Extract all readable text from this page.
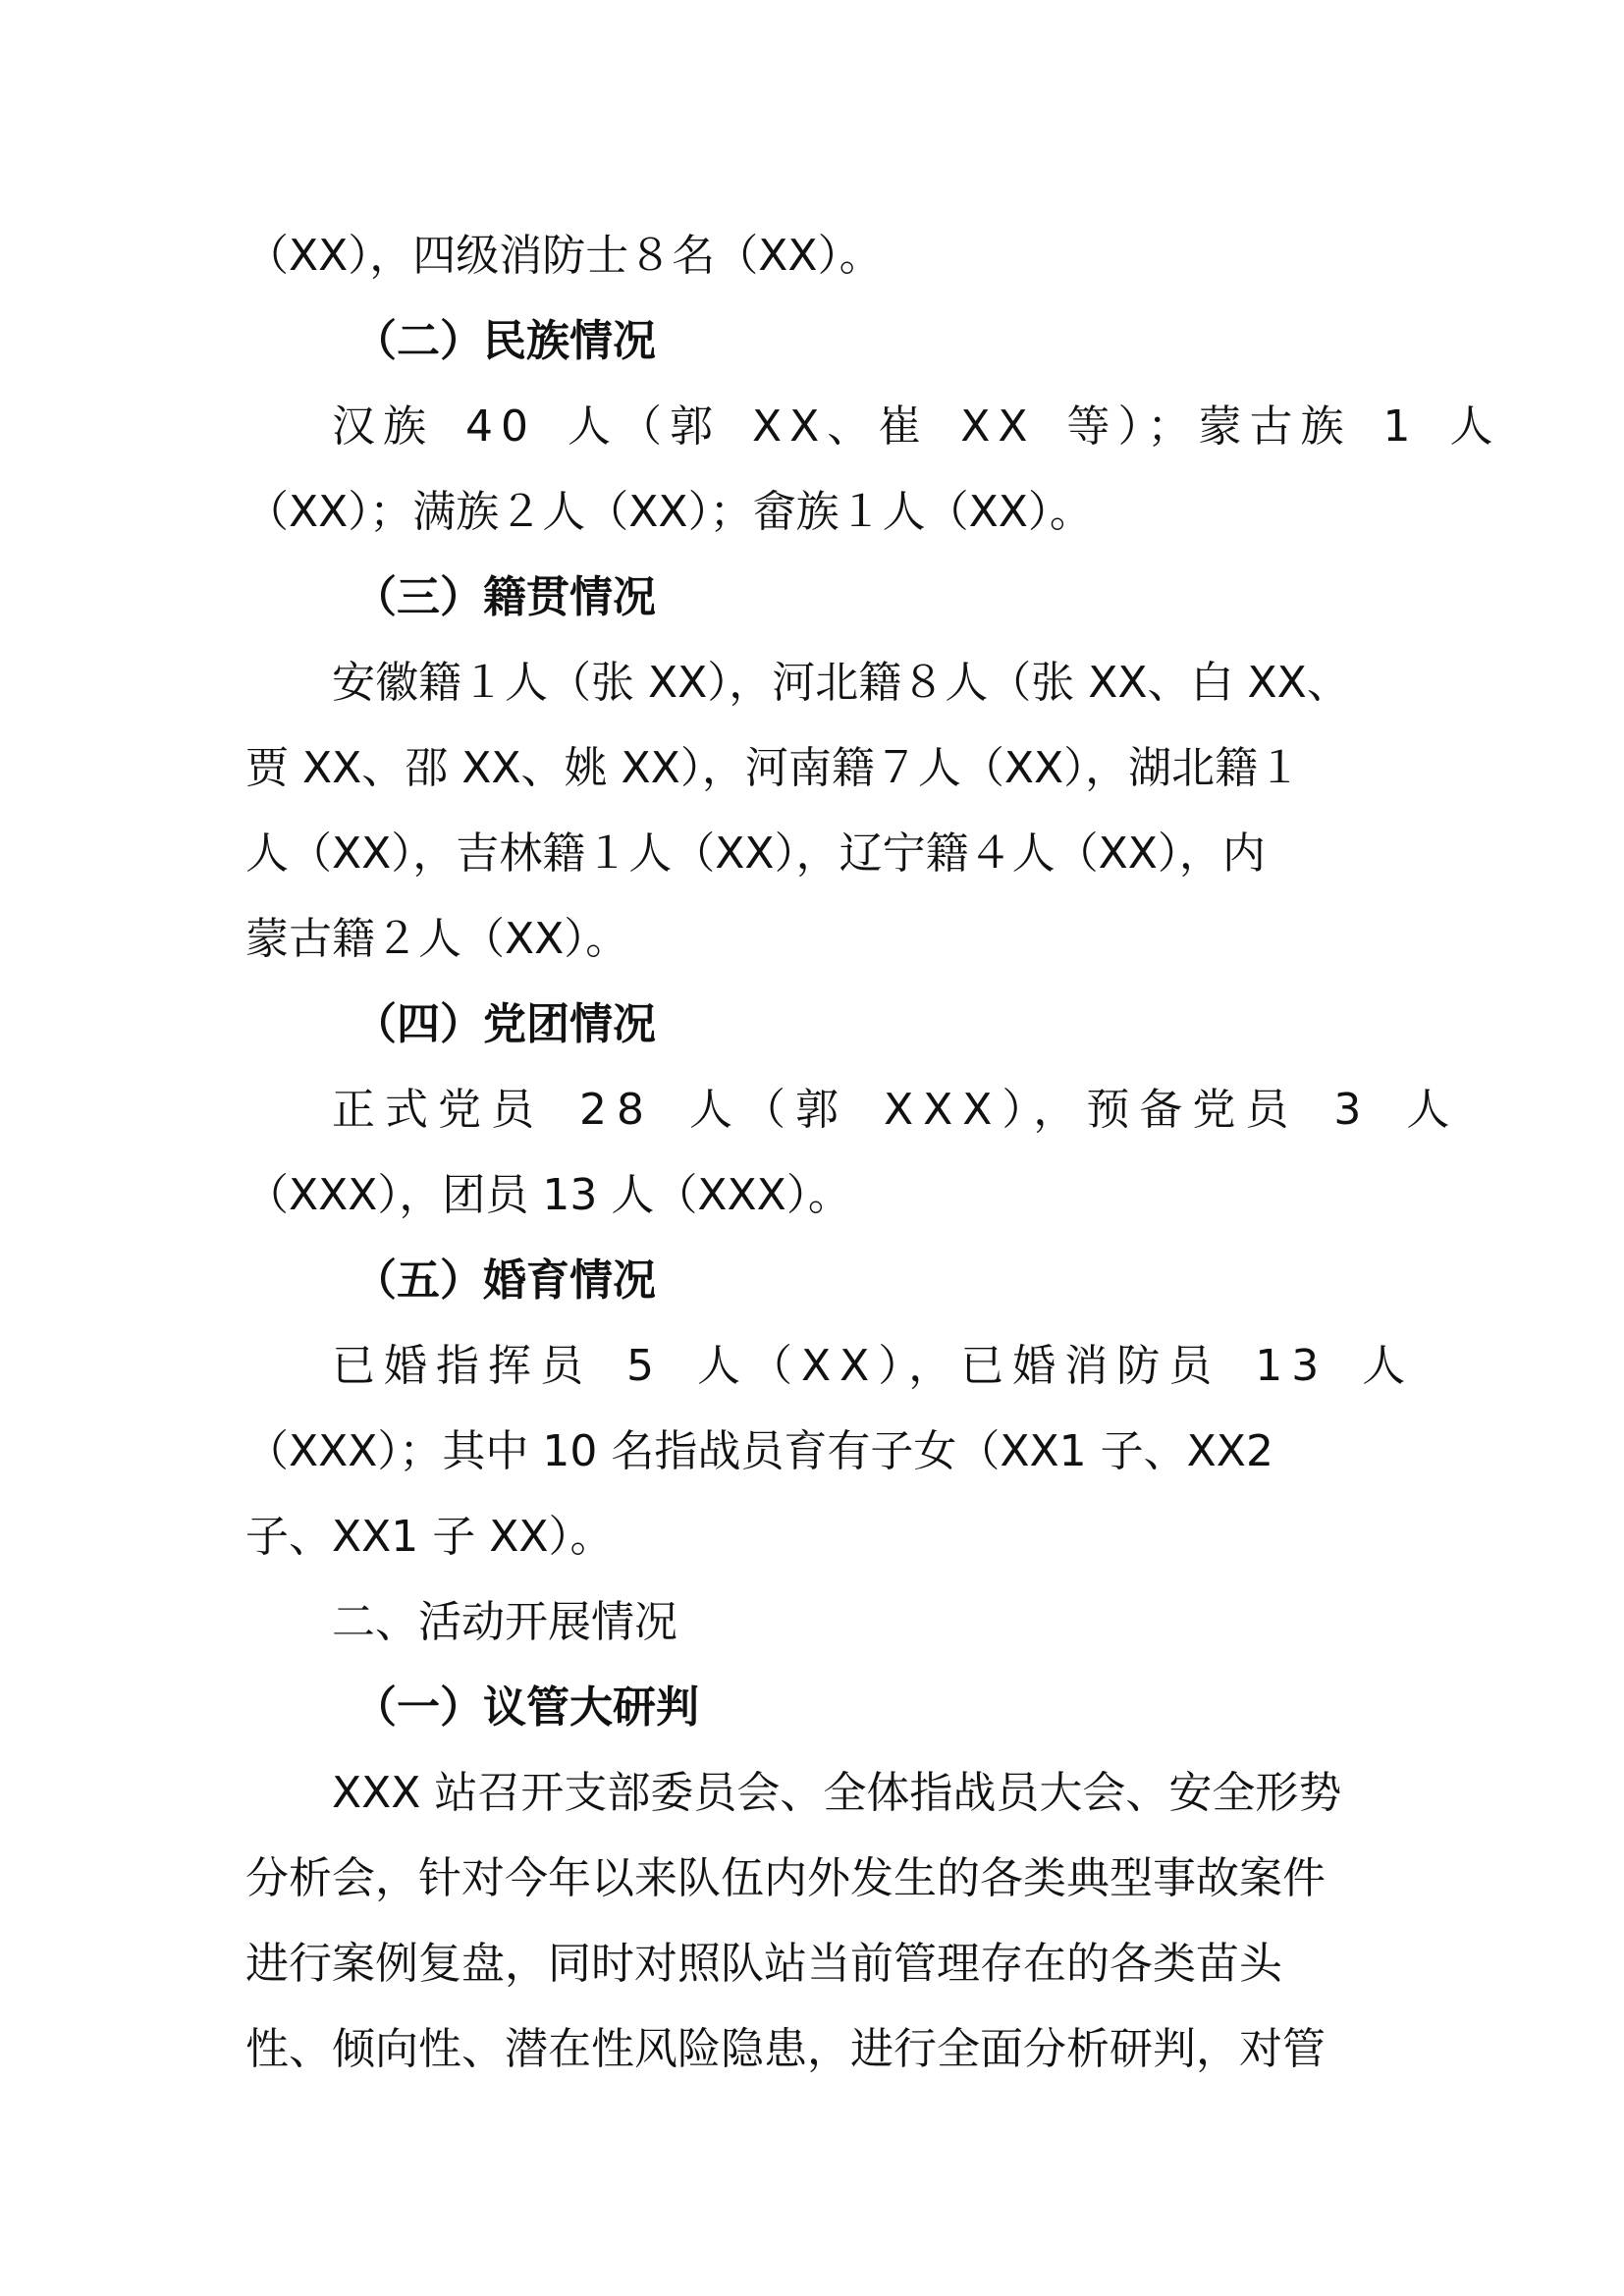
（XX），四级消防士８名（XX）。
（二）民族情况
汉族 40 人（郭 XX、崔 XX 等）；蒙古族 1 人
（XX）；满族２人（XX）；畲族１人（XX）。
（三）籍贯情况
安徽籍１人（张 XX），河北籍８人（张 XX、白 XX、
贾 XX、邵 XX、姚 XX），河南籍７人（XX），湖北籍１
人（XX），吉林籍１人（XX），辽宁籍４人（XX），内
蒙古籍２人（XX）。
（四）党团情况
正式党员 28 人（郭 XXX），预备党员 3 人
（XXX），团员 13 人（XXX）。
（五）婚育情况
已婚指挥员 5 人（XX），已婚消防员 13 人
（XXX）；其中 10 名指战员育有子女（XX1 子、XX2
子、XX1 子 XX）。
二、活动开展情况
（一）议管大研判
XXX 站召开支部委员会、全体指战员大会、安全形势
分析会，针对今年以来队伍内外发生的各类典型事故案件
进行案例复盘，同时对照队站当前管理存在的各类苗头
性、倾向性、潜在性风险隐患，进行全面分析研判，对管
